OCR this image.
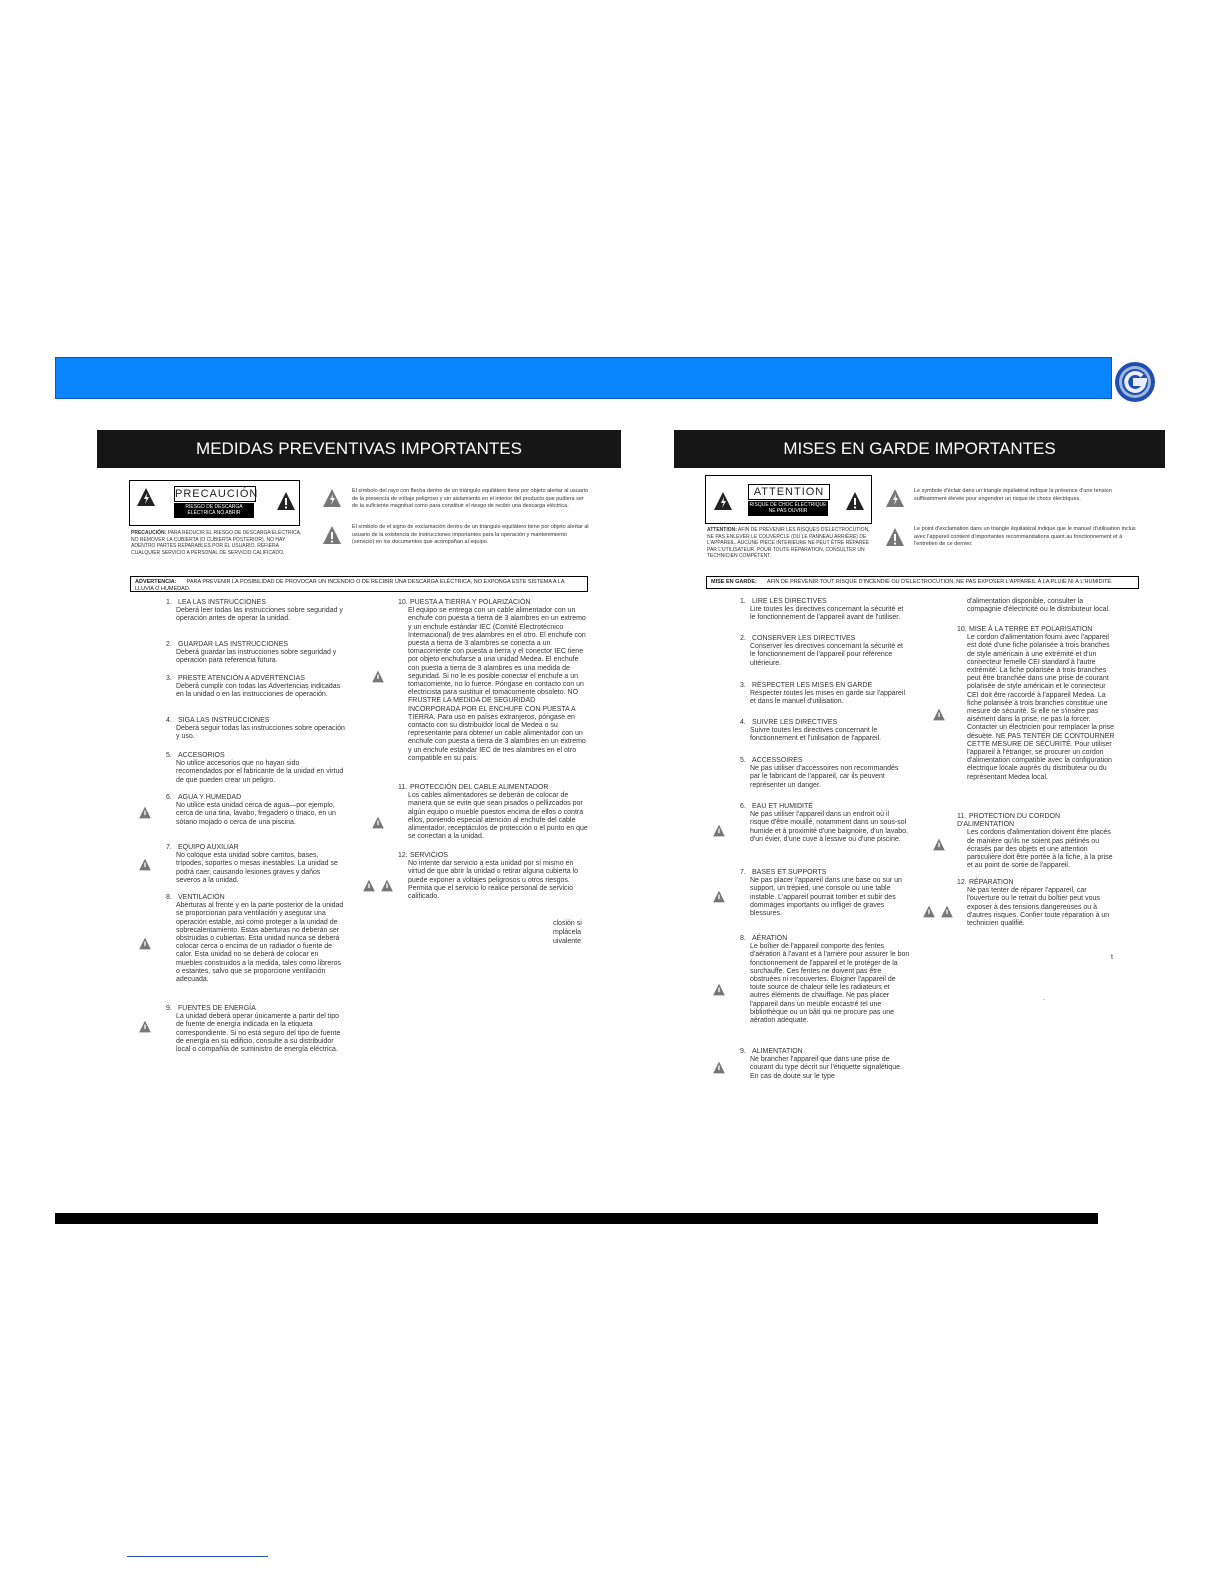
MEDIDAS PREVENTIVAS IMPORTANTES
PRECAUCIÓN
RIESGO DE DESCARGA ELÉCTRICA NO ABRIR
PRECAUCIÓN: PARA REDUCIR EL RIESGO DE DESCARGA ELÉCTRICA, NO REMOVER LA CUBIERTA (O CUBIERTA POSTERIOR). NO HAY ADENTRO PARTES REPARABLES POR EL USUARIO. REFIERA CUALQUIER SERVICIO A PERSONAL DE SERVICIO CALIFICADO.
El símbolo del rayo con flecha dentro de un triángulo equilátero tiene por objeto alertar al usuario de la presencia de voltaje peligroso y sin aislamiento en el interior del producto que pudiera ser de la suficiente magnitud como para constituir el riesgo de recibir una descarga eléctrica.
El símbolo de el signo de exclamación dentro de un triángulo equilátero tiene por objeto alertar al usuario de la existencia de instrucciones importantes para la operación y mantenimiento (servicio) en los documentos que acompañan al equipo.
ADVERTENCIA: PARA PREVENIR LA POSIBILIDAD DE PROVOCAR UN INCENDIO O DE RECIBIR UNA DESCARGA ELÉCTRICA, NO EXPONGA ESTE SISTEMA A LA LLUVIA O HUMEDAD.
1. LEA LAS INSTRUCCIONES
Deberá leer todas las instrucciones sobre seguridad y operación antes de operar la unidad.
2. GUARDAR LAS INSTRUCCIONES
Deberá guardar las instrucciones sobre seguridad y operación para referencia futura.
3. PRESTE ATENCIÓN A ADVERTENCIAS
Deberá cumplir con todas las Advertencias indicadas en la unidad o en las instrucciones de operación.
4. SIGA LAS INSTRUCCIONES
Deberá seguir todas las instrucciones sobre operación y uso.
5. ACCESORIOS
No utilice accesorios que no hayan sido recomendados por el fabricante de la unidad en virtud de que pueden crear un peligro.
6. AGUA Y HUMEDAD
No utilice esta unidad cerca de agua—por ejemplo, cerca de una tina, lavabo, fregadero o tinaco, en un sótano mojado o cerca de una piscina.
7. EQUIPO AUXILIAR
No coloque esta unidad sobre carritos, bases, trípodes, soportes o mesas inestables. La unidad se podrá caer, causando lesiones graves y daños severos a la unidad.
8. VENTILACIÓN
Aberturas al frente y en la parte posterior de la unidad se proporcionan para ventilación y asegurar una operación estable, así como proteger a la unidad de sobrecalentamiento. Estas aberturas no deberán ser obstruidas o cubiertas. Esta unidad nunca se deberá colocar cerca o encima de un radiador o fuente de calor. Esta unidad no se deberá de colocar en muebles construidos a la medida, tales como libreros o estantes, salvo que se proporcione ventilación adecuada.
9. FUENTES DE ENERGÍA
La unidad deberá operar únicamente a partir del tipo de fuente de energía indicada en la etiqueta correspondiente. Si no está seguro del tipo de fuente de energía en su edificio, consulte a su distribuidor local o compañía de suministro de energía eléctrica.
10. PUESTA A TIERRA Y POLARIZACIÓN
El equipo se entrega con un cable alimentador con un enchufe con puesta a tierra de 3 alambres en un extremo y un enchufe estándar IEC (Comité Electrotécnico Internacional) de tres alambres en el otro. El enchufe con puesta a tierra de 3 alambres se conecta a un tomacorriente con puesta a tierra y el conector IEC tiene por objeto enchufarse a una unidad Medea. El enchufe con puesta a tierra de 3 alambres es una medida de seguridad. Si no le es posible conectar el enchufe a un tomacorriente, no lo fuerce. Póngase en contacto con un electricista para sustituir el tomacorriente obsoleto. NO FRUSTRE LA MEDIDA DE SEGURIDAD INCORPORADA POR EL ENCHUFE CON PUESTA A TIERRA. Para uso en países extranjeros, póngase en contacto con su distribuidor local de Medea o su representante para obtener un cable alimentador con un enchufe con puesta a tierra de 3 alambres en un extremo y un enchufe estándar IEC de tres alambres en el otro compatible en su país.
11. PROTECCIÓN DEL CABLE ALIMENTADOR
Los cables alimentadores se deberán de colocar de manera que se evite que sean pisados o pellizcados por algún equipo o mueble puestos encima de ellos o contra ellos, poniendo especial atención al enchufe del cable alimentador, receptáculos de protección o el punto en que se conectan a la unidad.
12. SERVICIOS
No intente dar servicio a esta unidad por sí mismo en virtud de que abrir la unidad o retirar alguna cubierta lo puede exponer a voltajes peligrosos u otros riesgos. Permita que el servicio lo realice personal de servicio calificado.
closión si
mplácela
uivalente
MISES EN GARDE IMPORTANTES
ATTENTION
RISQUE DE CHOC ÉLECTRIQUE NE PAS OUVRIR
ATTENTION: AFIN DE PRÉVENIR LES RISQUES D'ÉLECTROCUTION, NE PAS ENLEVER LE COUVERCLE (OU LE PANNEAU ARRIÈRE) DE L'APPAREIL. AUCUNE PIÈCE INTÉRIEURE NE PEUT ÊTRE RÉPARÉE PAR L'UTILISATEUR. POUR TOUTE RÉPARATION, CONSULTER UN TECHNICIEN COMPÉTENT.
Le symbole d'éclair dans un triangle équilatéral indique la présence d'une tension suffisamment élevée pour engendrer un risque de chocs électriques.
Le point d'exclamation dans un triangle équilatéral indique que le manuel d'utilisation inclus avec l'appareil contient d'importantes recommandations quant au fonctionnement et à l'entretien de ce dernier.
MISE EN GARDE: AFIN DE PRÉVENIR TOUT RISQUE D'INCENDIE OU D'ÉLECTROCUTION, NE PAS EXPOSER L'APPAREIL À LA PLUIE NI À L'HUMIDITÉ.
1. LIRE LES DIRECTIVES
Lire toutes les directives concernant la sécurité et le fonctionnement de l'appareil avant de l'utiliser.
2. CONSERVER LES DIRECTIVES
Conserver les directives concernant la sécurité et le fonctionnement de l'appareil pour référence ultérieure.
3. RESPECTER LES MISES EN GARDE
Respecter toutes les mises en garde sur l'appareil et dans le manuel d'utilisation.
4. SUIVRE LES DIRECTIVES
Suivre toutes les directives concernant le fonctionnement et l'utilisation de l'appareil.
5. ACCESSOIRES
Ne pas utiliser d'accessoires non recommandés par le fabricant de l'appareil, car ils peuvent représenter un danger.
6. EAU ET HUMIDITÉ
Ne pas utiliser l'appareil dans un endroit où il risque d'être mouillé, notamment dans un sous-sol humide et à proximité d'une baignoire, d'un lavabo, d'un évier, d'une cuve à lessive ou d'une piscine.
7. BASES ET SUPPORTS
Ne pas placer l'appareil dans une base ou sur un support, un trépied, une console ou une table instable. L'appareil pourrait tomber et subir des dommages importants ou infliger de graves blessures.
8. AÉRATION
Le boîtier de l'appareil comporte des fentes d'aération à l'avant et à l'arrière pour assurer le bon fonctionnement de l'appareil et le protéger de la surchauffe. Ces fentes ne doivent pas être obstruées ni recouvertes. Éloigner l'appareil de toute source de chaleur telle les radiateurs et autres éléments de chauffage. Ne pas placer l'appareil dans un meuble encastré tel une bibliothèque ou un bâti qui ne procure pas une aération adéquate.
9. ALIMENTATION
Ne brancher l'appareil que dans une prise de courant du type décrit sur l'étiquette signalétique. En cas de doute sur le type
d'alimentation disponible, consulter la compagnie d'électricité ou le distributeur local.
10. MISE À LA TERRE ET POLARISATION
Le cordon d'alimentation fourni avec l'appareil est doté d'une fiche polarisée à trois branches de style américain à une extrémité et d'un connecteur femelle CEI standard à l'autre extrémité. La fiche polarisée à trois branches peut être branchée dans une prise de courant polarisée de style américain et le connecteur CEI doit être raccordé à l'appareil Medea. La fiche polarisée à trois branches constitue une mesure de sécurité. Si elle ne s'insère pas aisément dans la prise, ne pas la forcer. Contacter un électricien pour remplacer la prise désuète. NE PAS TENTER DE CONTOURNER CETTE MESURE DE SÉCURITÉ. Pour utiliser l'appareil à l'étranger, se procurer un cordon d'alimentation compatible avec la configuration électrique locale auprès du distributeur ou du représentant Medea local.
11. PROTECTION DU CORDON D'ALIMENTATION
Les cordons d'alimentation doivent être placés de manière qu'ils ne soient pas piétinés ou écrasés par des objets et une attention particulière doit être portée à la fiche, à la prise et au point de sortie de l'appareil.
12. RÉPARATION
Ne pas tenter de réparer l'appareil, car l'ouverture ou le retrait du boîtier peut vous exposer à des tensions dangereuses ou à d'autres risques. Confier toute réparation à un technicien qualifié.
t
.
